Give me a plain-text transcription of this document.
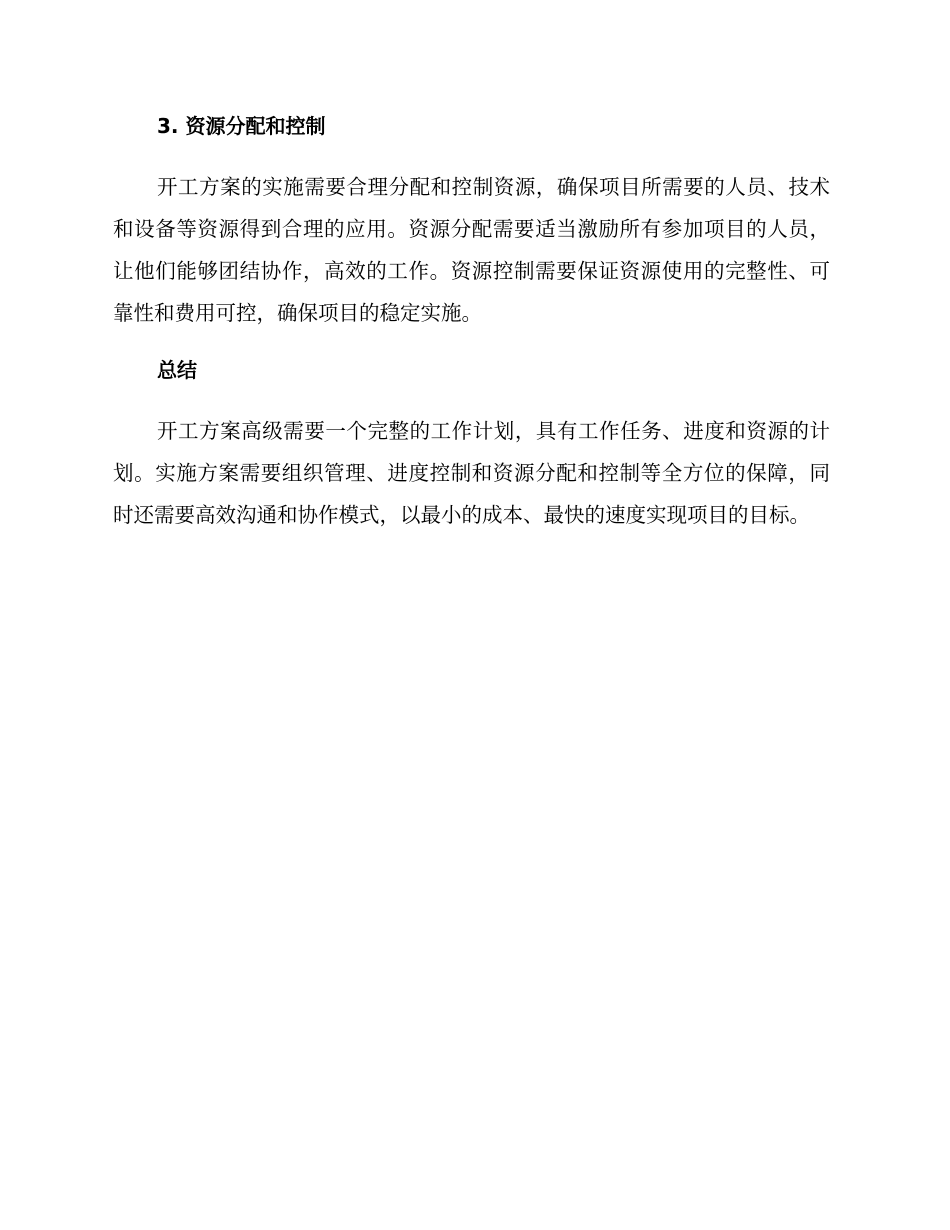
3. 资源分配和控制

开工方案的实施需要合理分配和控制资源，确保项目所需要的人员、技术和设备等资源得到合理的应用。资源分配需要适当激励所有参加项目的人员，让他们能够团结协作，高效的工作。资源控制需要保证资源使用的完整性、可靠性和费用可控，确保项目的稳定实施。

总结

开工方案高级需要一个完整的工作计划，具有工作任务、进度和资源的计划。实施方案需要组织管理、进度控制和资源分配和控制等全方位的保障，同时还需要高效沟通和协作模式，以最小的成本、最快的速度实现项目的目标。
